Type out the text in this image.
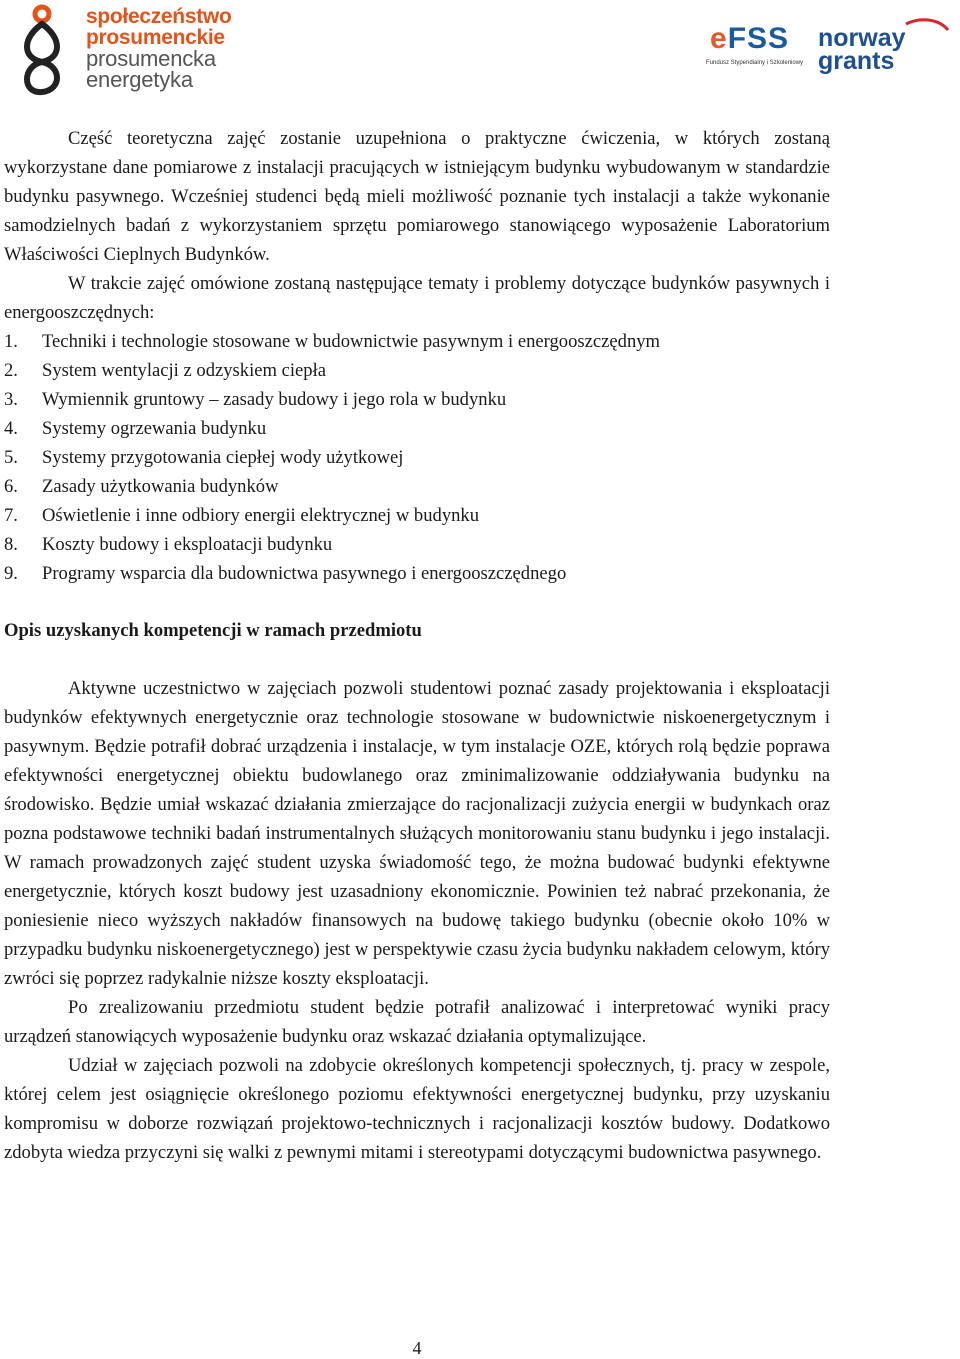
społeczeństwo
prosumenckie
prosumencka
energetyka
eFSS
Fundusz Stypendialny i Szkoleniowy
norway
grants

Część teoretyczna zajęć zostanie uzupełniona o praktyczne ćwiczenia, w których zostaną wykorzystane dane pomiarowe z instalacji pracujących w istniejącym budynku wybudowanym w standardzie budynku pasywnego. Wcześniej studenci będą mieli możliwość poznanie tych instalacji a także wykonanie samodzielnych badań z wykorzystaniem sprzętu pomiarowego stanowiącego wyposażenie Laboratorium Właściwości Cieplnych Budynków.

W trakcie zajęć omówione zostaną następujące tematy i problemy dotyczące budynków pasywnych i energooszczędnych:

1. Techniki i technologie stosowane w budownictwie pasywnym i energooszczędnym
2. System wentylacji z odzyskiem ciepła
3. Wymiennik gruntowy – zasady budowy i jego rola w budynku
4. Systemy ogrzewania budynku
5. Systemy przygotowania ciepłej wody użytkowej
6. Zasady użytkowania budynków
7. Oświetlenie i inne odbiory energii elektrycznej w budynku
8. Koszty budowy i eksploatacji budynku
9. Programy wsparcia dla budownictwa pasywnego i energooszczędnego
Opis uzyskanych kompetencji w ramach przedmiotu

Aktywne uczestnictwo w zajęciach pozwoli studentowi poznać zasady projektowania i eksploatacji budynków efektywnych energetycznie oraz technologie stosowane w budownictwie niskoenergetycznym i pasywnym. Będzie potrafił dobrać urządzenia i instalacje, w tym instalacje OZE, których rolą będzie poprawa efektywności energetycznej obiektu budowlanego oraz zminimalizowanie oddziaływania budynku na środowisko. Będzie umiał wskazać działania zmierzające do racjonalizacji zużycia energii w budynkach oraz pozna podstawowe techniki badań instrumentalnych służących monitorowaniu stanu budynku i jego instalacji. W ramach prowadzonych zajęć student uzyska świadomość tego, że można budować budynki efektywne energetycznie, których koszt budowy jest uzasadniony ekonomicznie. Powinien też nabrać przekonania, że poniesienie nieco wyższych nakładów finansowych na budowę takiego budynku (obecnie około 10% w przypadku budynku niskoenergetycznego) jest w perspektywie czasu życia budynku nakładem celowym, który zwróci się poprzez radykalnie niższe koszty eksploatacji.

Po zrealizowaniu przedmiotu student będzie potrafił analizować i interpretować wyniki pracy urządzeń stanowiących wyposażenie budynku oraz wskazać działania optymalizujące.

Udział w zajęciach pozwoli na zdobycie określonych kompetencji społecznych, tj. pracy w zespole, której celem jest osiągnięcie określonego poziomu efektywności energetycznej budynku, przy uzyskaniu kompromisu w doborze rozwiązań projektowo-technicznych i racjonalizacji kosztów budowy. Dodatkowo zdobyta wiedza przyczyni się walki z pewnymi mitami i stereotypami dotyczącymi budownictwa pasywnego.

4
